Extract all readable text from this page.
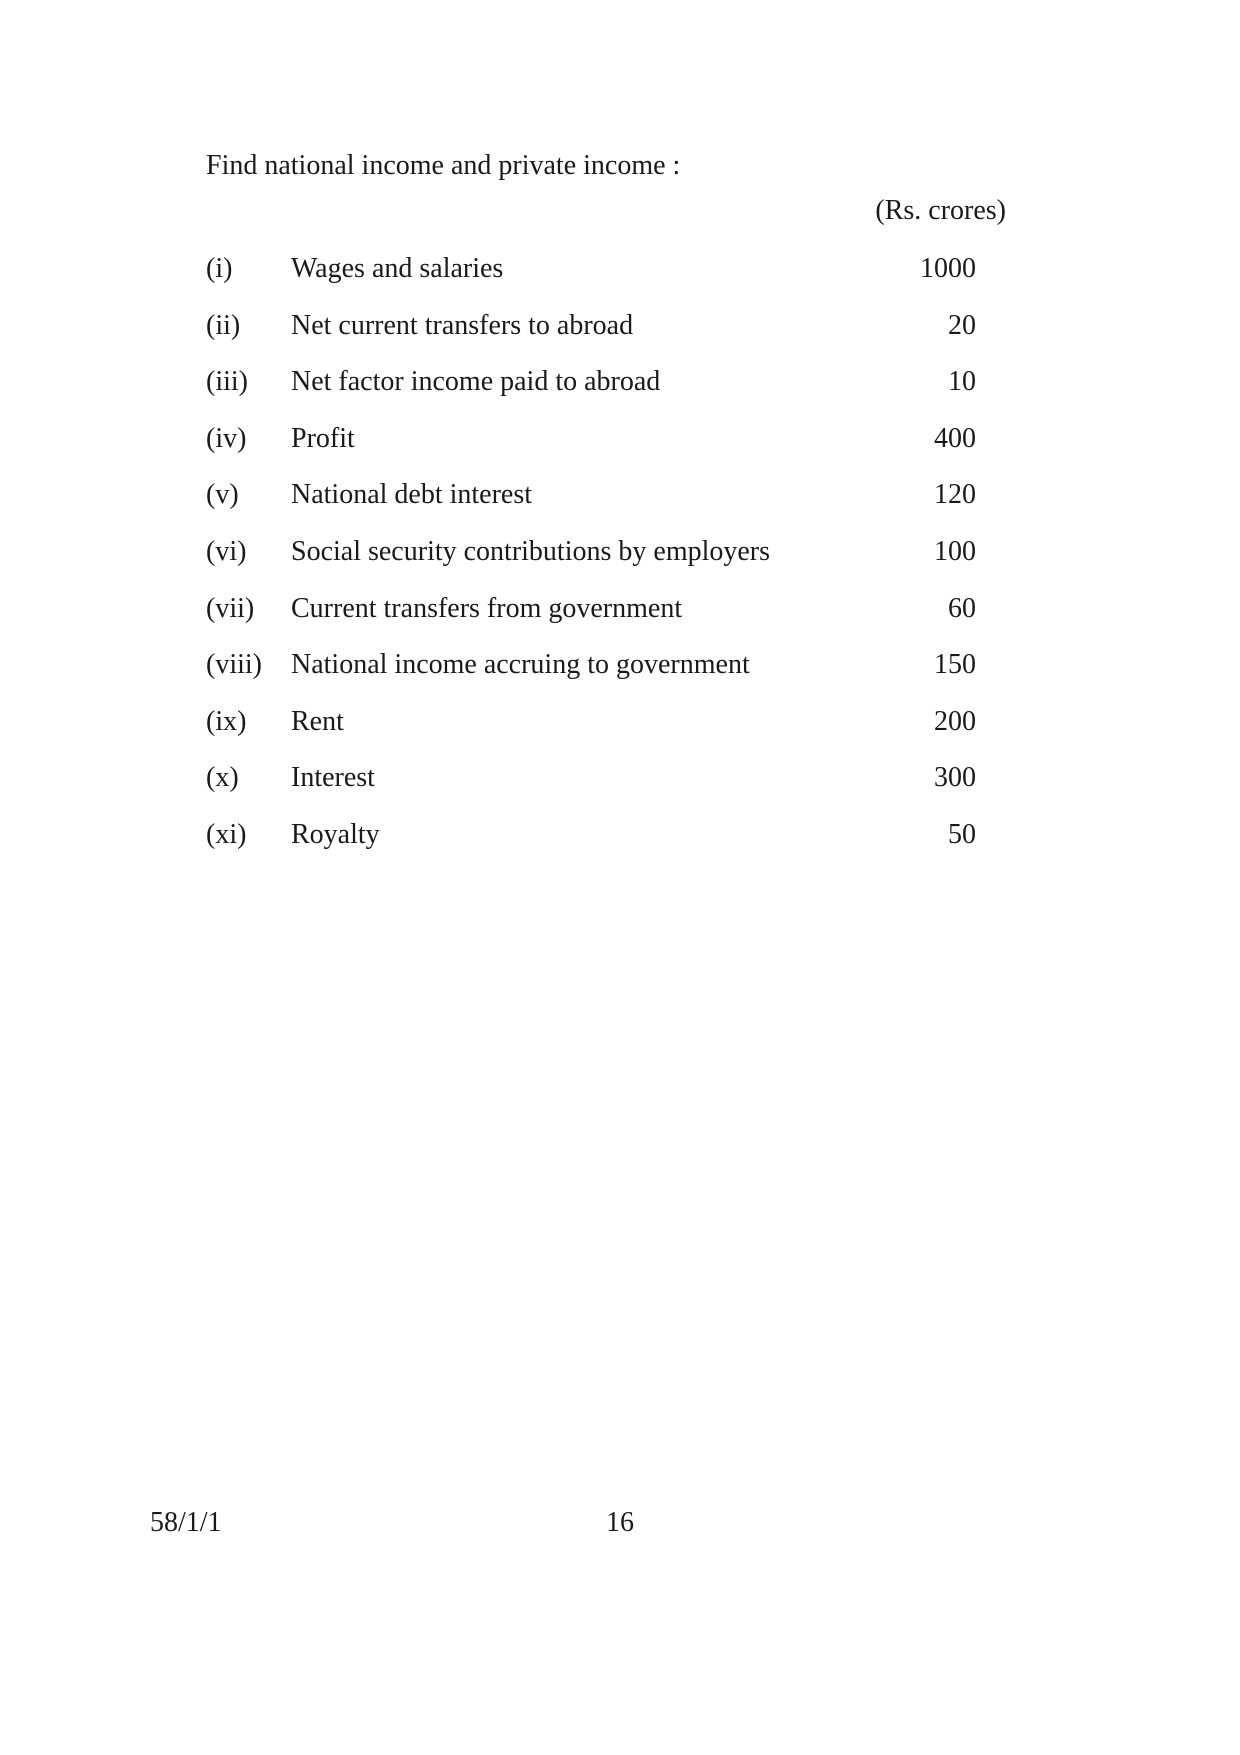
Find national income and private income :
(Rs. crores)
(i) Wages and salaries	1000
(ii) Net current transfers to abroad	20
(iii) Net factor income paid to abroad	10
(iv) Profit	400
(v) National debt interest	120
(vi) Social security contributions by employers	100
(vii) Current transfers from government	60
(viii) National income accruing to government	150
(ix) Rent	200
(x) Interest	300
(xi) Royalty	50
58/1/1	16
